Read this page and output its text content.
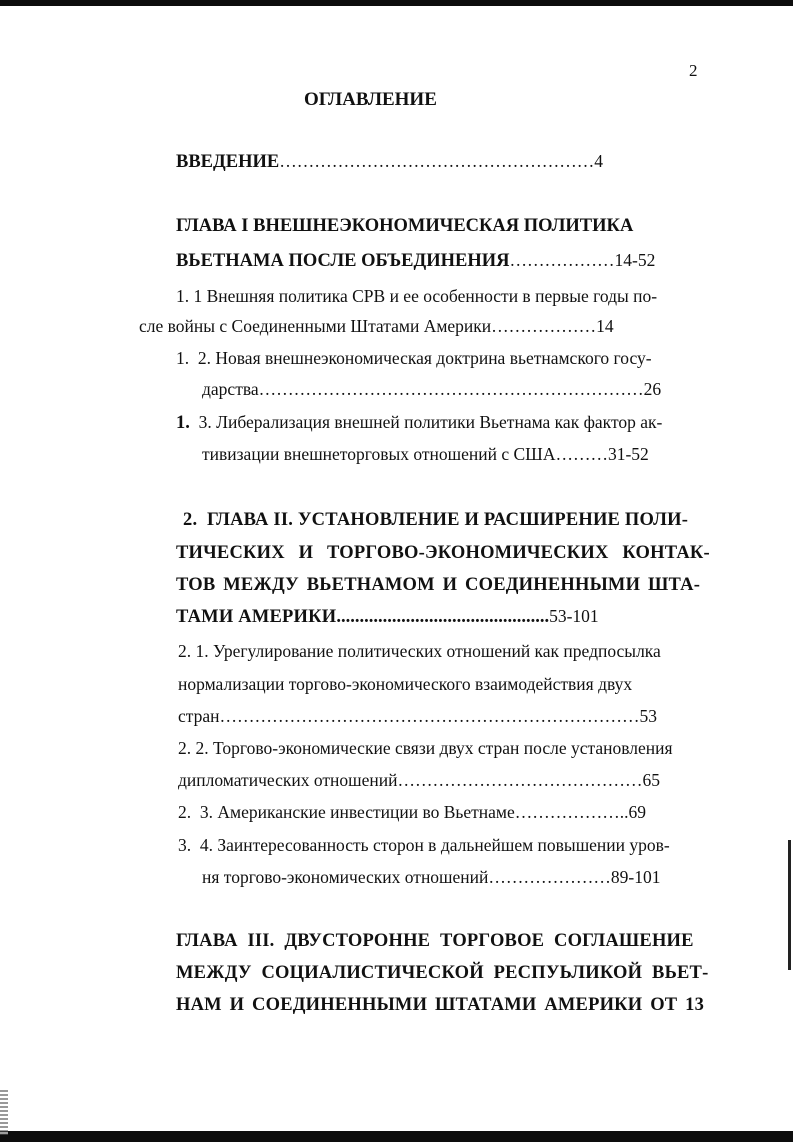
2
ОГЛАВЛЕНИЕ
ВВЕДЕНИЕ………………………………………………4
ГЛАВА I ВНЕШНЕЭКОНОМИЧЕСКАЯ ПОЛИТИКА
ВЬЕТНАМА ПОСЛЕ ОБЪЕДИНЕНИЯ………………14-52
1. 1 Внешняя политика СРВ и ее особенности в первые годы по-
сле войны с Соединенными Штатами Америки………………14
1. 2. Новая внешнеэкономическая доктрина вьетнамского госу-
дарства…………………………………………………………26
1. 3. Либерализация внешней политики Вьетнама как фактор ак-
тивизации внешнеторговых отношений с США………31-52
2. ГЛАВА II. УСТАНОВЛЕНИЕ И РАСШИРЕНИЕ ПОЛИ-
ТИЧЕСКИХ И ТОРГОВО-ЭКОНОМИЧЕСКИХ КОНТАК-
ТОВ МЕЖДУ ВЬЕТНАМОМ И СОЕДИНЕННЫМИ ШТА-
ТАМИ АМЕРИКИ..............................................53-101
2. 1. Урегулирование политических отношений как предпосылка
нормализации торгово-экономического взаимодействия двух
стран………………………………………………………………53
2. 2. Торгово-экономические связи двух стран после установления
дипломатических отношений……………………………………65
2. 3. Американские инвестиции во Вьетнаме………………..69
3. 4. Заинтересованность сторон в дальнейшем повышении уров-
ня торгово-экономических отношений…………………89-101
ГЛАВА III. ДВУСТОРОННЕ ТОРГОВОЕ СОГЛАШЕНИЕ
МЕЖДУ СОЦИАЛИСТИЧЕСКОЙ РЕСПУЬЛИКОЙ ВЬЕТ-
НАМ И СОЕДИНЕННЫМИ ШТАТАМИ АМЕРИКИ ОТ 13
